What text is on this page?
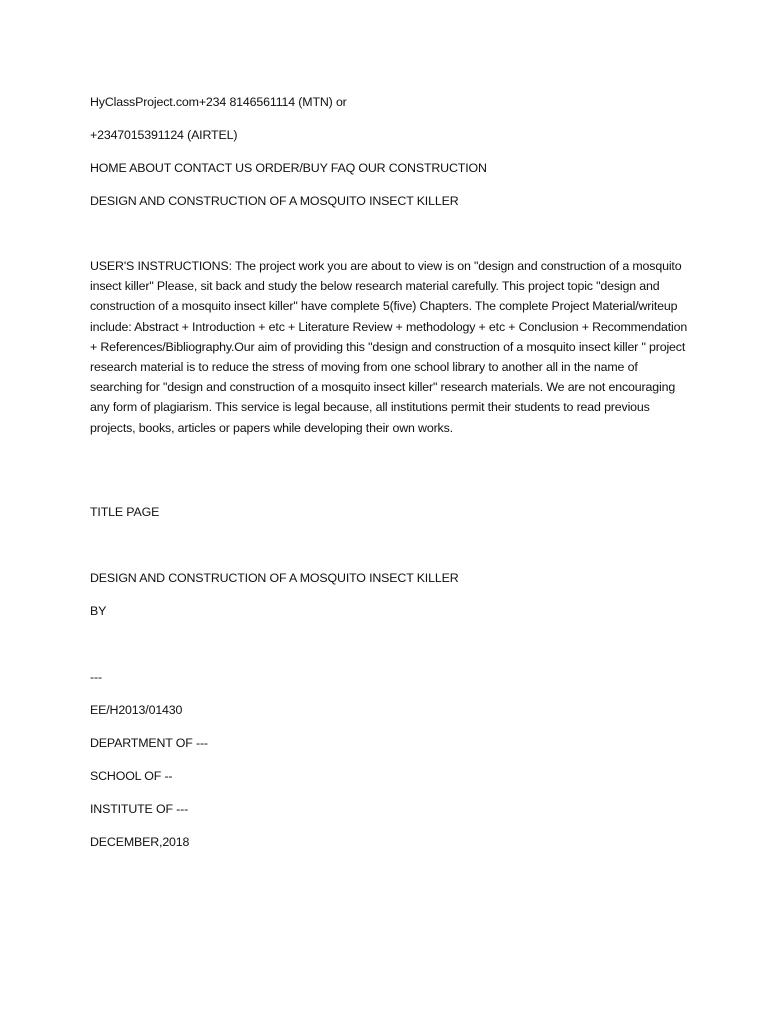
HyClassProject.com+234 8146561114 (MTN) or
+2347015391124 (AIRTEL)
HOME ABOUT CONTACT US ORDER/BUY FAQ OUR CONSTRUCTION
DESIGN AND CONSTRUCTION OF A MOSQUITO INSECT KILLER
USER'S INSTRUCTIONS: The project work you are about to view is on "design and construction of a mosquito insect killer" Please, sit back and study the below research material carefully. This project topic "design and construction of a mosquito insect killer" have complete 5(five) Chapters. The complete Project Material/writeup include: Abstract + Introduction + etc + Literature Review + methodology + etc + Conclusion + Recommendation + References/Bibliography.Our aim of providing this "design and construction of a mosquito insect killer " project research material is to reduce the stress of moving from one school library to another all in the name of searching for "design and construction of a mosquito insect killer" research materials. We are not encouraging any form of plagiarism. This service is legal because, all institutions permit their students to read previous projects, books, articles or papers while developing their own works.
TITLE PAGE
DESIGN AND CONSTRUCTION OF A MOSQUITO INSECT KILLER
BY
---
EE/H2013/01430
DEPARTMENT OF ---
SCHOOL OF --
INSTITUTE OF ---
DECEMBER,2018
